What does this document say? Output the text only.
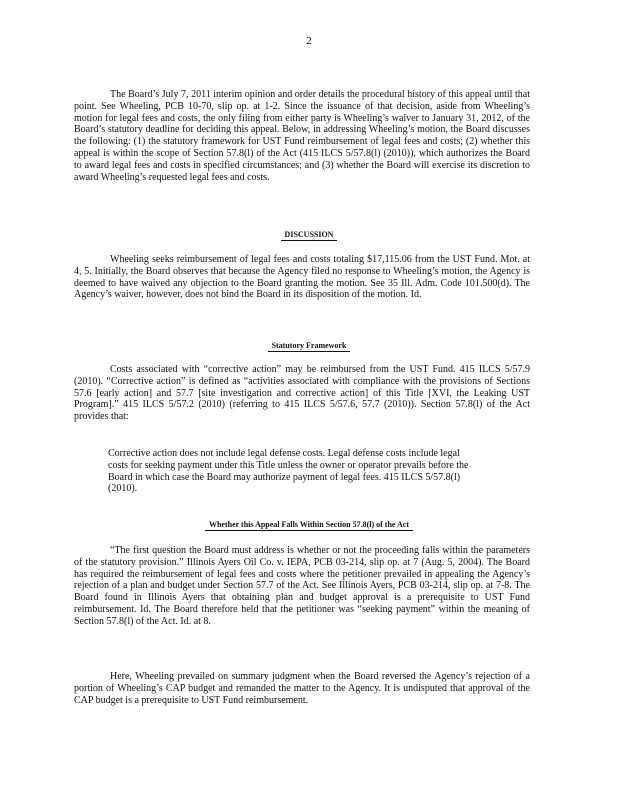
2

The Board’s July 7, 2011 interim opinion and order details the procedural history of this appeal until that point. See Wheeling, PCB 10-70, slip op. at 1-2. Since the issuance of that decision, aside from Wheeling’s motion for legal fees and costs, the only filing from either party is Wheeling’s waiver to January 31, 2012, of the Board’s statutory deadline for deciding this appeal. Below, in addressing Wheeling’s motion, the Board discusses the following: (1) the statutory framework for UST Fund reimbursement of legal fees and costs; (2) whether this appeal is within the scope of Section 57.8(l) of the Act (415 ILCS 5/57.8(l) (2010)), which authorizes the Board to award legal fees and costs in specified circumstances; and (3) whether the Board will exercise its discretion to award Wheeling’s requested legal fees and costs.

DISCUSSION

Wheeling seeks reimbursement of legal fees and costs totaling $17,115.06 from the UST Fund. Mot. at 4, 5. Initially, the Board observes that because the Agency filed no response to Wheeling’s motion, the Agency is deemed to have waived any objection to the Board granting the motion. See 35 Ill. Adm. Code 101.500(d). The Agency’s waiver, however, does not bind the Board in its disposition of the motion. Id.

Statutory Framework

Costs associated with “corrective action” may be reimbursed from the UST Fund. 415 ILCS 5/57.9 (2010). “Corrective action” is defined as “activities associated with compliance with the provisions of Sections 57.6 [early action] and 57.7 [site investigation and corrective action] of this Title [XVI, the Leaking UST Program].” 415 ILCS 5/57.2 (2010) (referring to 415 ILCS 5/57.6, 57.7 (2010)). Section 57.8(l) of the Act provides that:

Corrective action does not include legal defense costs. Legal defense costs include legal costs for seeking payment under this Title unless the owner or operator prevails before the Board in which case the Board may authorize payment of legal fees. 415 ILCS 5/57.8(l) (2010).

Whether this Appeal Falls Within Section 57.8(l) of the Act

“The first question the Board must address is whether or not the proceeding falls within the parameters of the statutory provision.” Illinois Ayers Oil Co. v. IEPA, PCB 03-214, slip op. at 7 (Aug. 5, 2004). The Board has required the reimbursement of legal fees and costs where the petitioner prevailed in appealing the Agency’s rejection of a plan and budget under Section 57.7 of the Act. See Illinois Ayers, PCB 03-214, slip op. at 7-8. The Board found in Illinois Ayers that obtaining plan and budget approval is a prerequisite to UST Fund reimbursement. Id. The Board therefore held that the petitioner was “seeking payment” within the meaning of Section 57.8(l) of the Act. Id. at 8.

Here, Wheeling prevailed on summary judgment when the Board reversed the Agency’s rejection of a portion of Wheeling’s CAP budget and remanded the matter to the Agency. It is undisputed that approval of the CAP budget is a prerequisite to UST Fund reimbursement.
